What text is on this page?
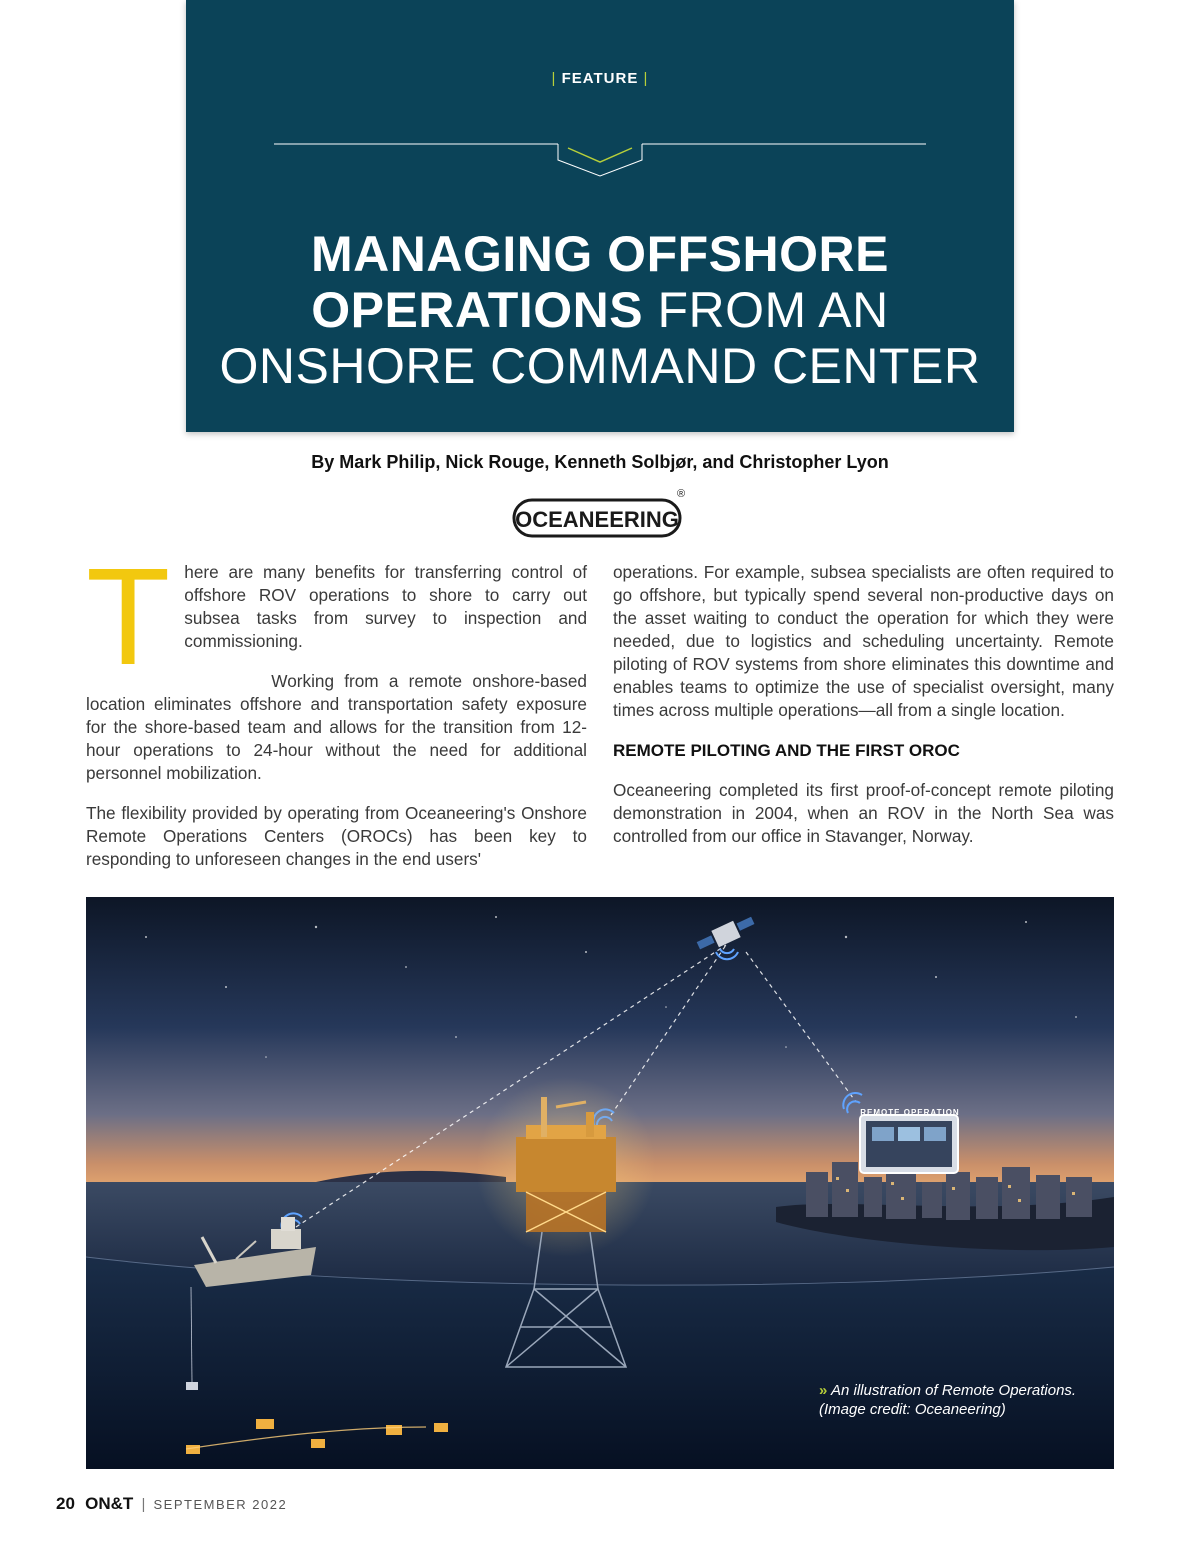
| FEATURE |
MANAGING OFFSHORE
OPERATIONS FROM AN
ONSHORE COMMAND CENTER
By Mark Philip, Nick Rouge, Kenneth Solbjør, and Christopher Lyon
OCEANEERING
®

There are many benefits for transferring control of offshore ROV operations to shore to carry out subsea tasks from survey to inspection and commissioning.

Working from a remote onshore-based location eliminates offshore and transportation safety exposure for the shore-based team and allows for the transition from 12-hour operations to 24-hour without the need for additional personnel mobilization.

The flexibility provided by operating from Oceaneering's Onshore Remote Operations Centers (OROCs) has been key to responding to unforeseen changes in the end users'

operations. For example, subsea specialists are often required to go offshore, but typically spend several non-productive days on the asset waiting to conduct the operation for which they were needed, due to logistics and scheduling uncertainty. Remote piloting of ROV systems from shore eliminates this downtime and enables teams to optimize the use of specialist oversight, many times across multiple operations—all from a single location.

REMOTE PILOTING AND THE FIRST OROC

Oceaneering completed its first proof-of-concept remote piloting demonstration in 2004, when an ROV in the North Sea was controlled from our office in Stavanger, Norway.

REMOTE OPERATION
» An illustration of Remote Operations.
(Image credit: Oceaneering)
20 ON&T | SEPTEMBER 2022
